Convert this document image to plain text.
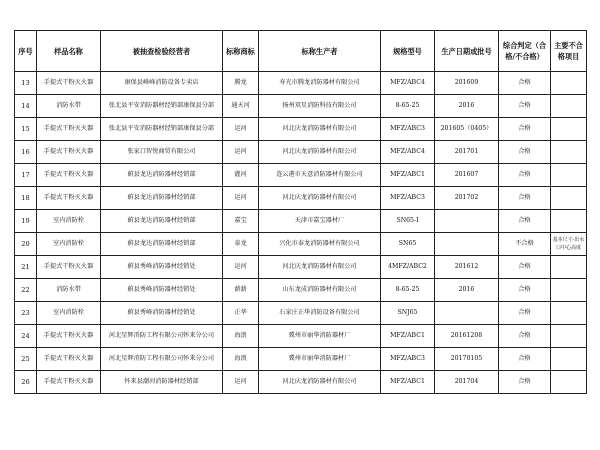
序号	样品名称	被抽查检验经营者	标称商标	标称生产者	规格型号	生产日期或批号	综合判定（合格/不合格）	主要不合格项目
13	手提式干粉灭火器	康保县峰峰消防设备专卖店	腾龙	寿光市腾龙消防器材有限公司	MFZ/ABC4	201609	合格	
14	消防水带	张北县平安消防器材经销部康保县分部	通天河	扬州双星消防科技有限公司	8-65-25	2016	合格	
15	手提式干粉灭火器	张北县平安消防器材经销部康保县分部	运河	河北庆龙消防器材有限公司	MFZ/ABC3	201605（0405）	合格	
16	手提式干粉灭火器	张家口智悦商贸有限公司	运河	河北庆龙消防器材有限公司	MFZ/ABC4	201701	合格	
17	手提式干粉灭火器	蔚县龙达消防器材经销部	灌河	连云港市天意消防器材有限公司	MFZ/ABC1	201607	合格	
18	手提式干粉灭火器	蔚县龙达消防器材经销部	运河	河北庆龙消防器材有限公司	MFZ/ABC3	201702	合格	
19	室内消防栓	蔚县龙达消防器材经销部	嘉宝	天津市嘉宝器材厂	SN65-Ⅰ		合格	
20	室内消防栓	蔚县龙达消防器材经销部	泰龙	兴化市泰龙消防器材有限公司	SN65		不合格	基本尺寸-出水口中心高度
21	手提式干粉灭火器	蔚县秀峰消防器材经销处	运河	河北庆龙消防器材有限公司	4MFZ/ABC2	201612	合格	
22	消防水带	蔚县秀峰消防器材经销处	薪薪	山东龙成消防器材有限公司	8-65-25	2016	合格	
23	室内消防栓	蔚县秀峰消防器材经销处	正华	石家庄正华消防设备有限公司	SNJ65		合格	
24	手提式干粉灭火器	河北星辉消防工程有限公司怀来分公司	海浪	冀州市丽华消防器材厂	MFZ/ABC1	20161208	合格	
25	手提式干粉灭火器	河北星辉消防工程有限公司怀来分公司	海浪	冀州市丽华消防器材厂	MFZ/ABC3	20170105	合格	
26	手提式干粉灭火器	怀来县潮河消防器材经销部	运河	河北庆龙消防器材有限公司	MFZ/ABC1	201704	合格	
